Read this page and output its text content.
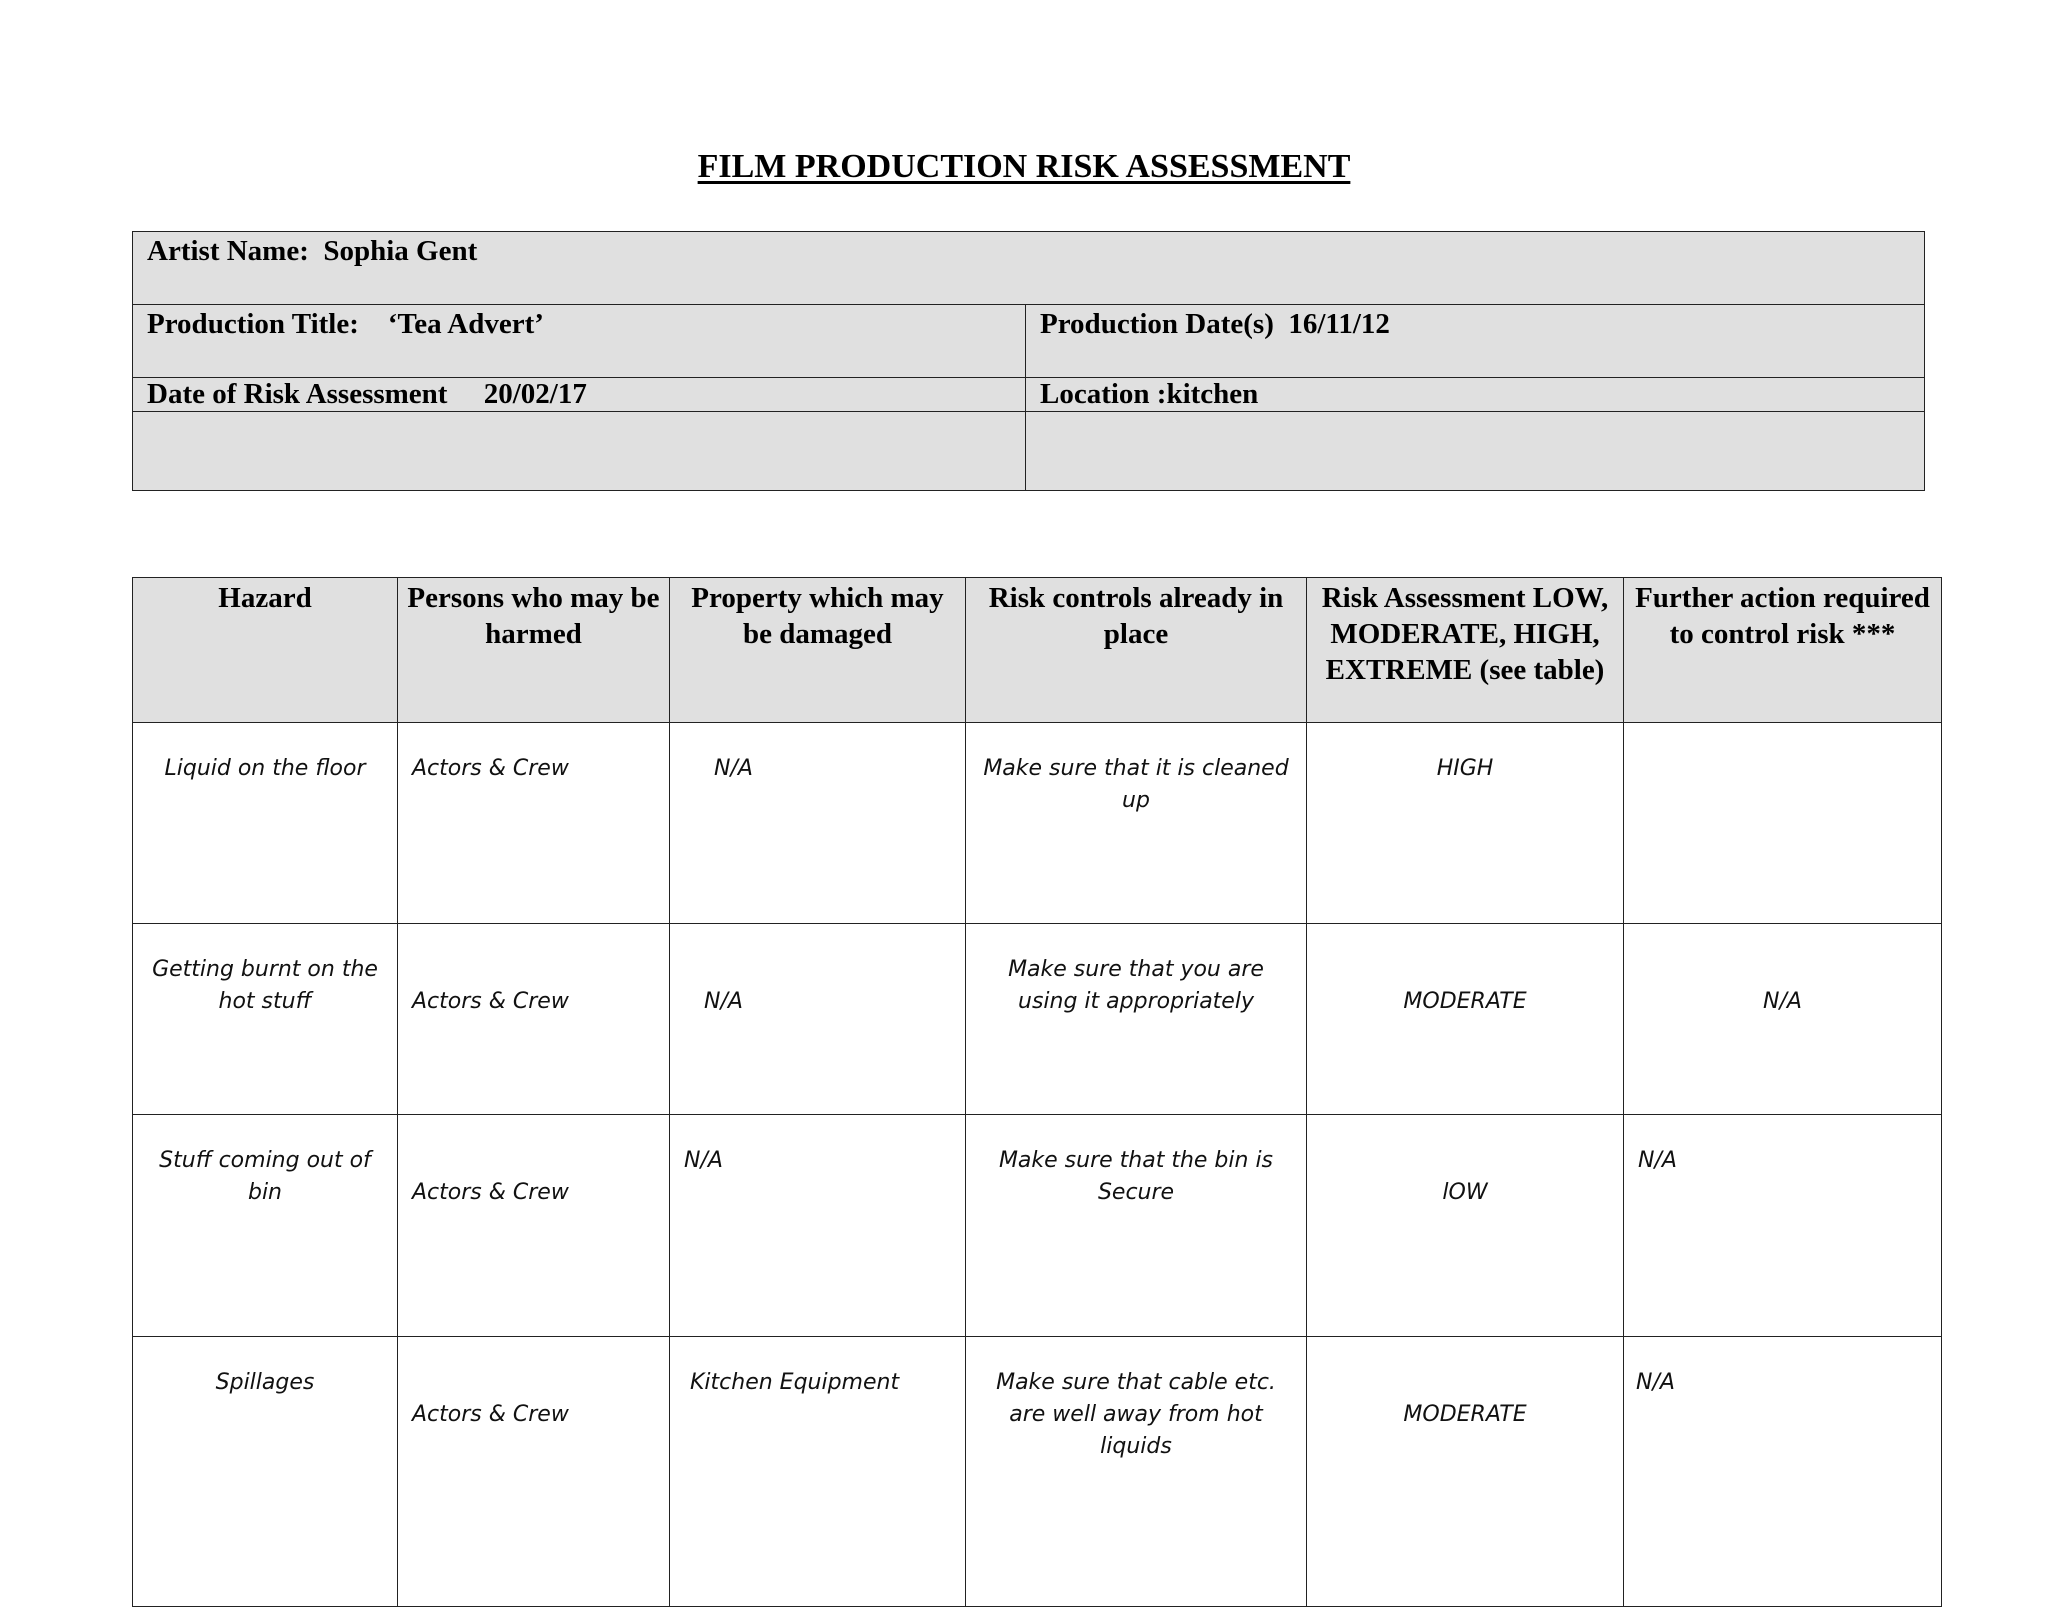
FILM PRODUCTION RISK ASSESSMENT
Artist Name: Sophia Gent	
Production Title: ‘Tea Advert’	Production Date(s) 16/11/12
Date of Risk Assessment 20/02/17	Location :kitchen

Hazard	Persons who may be harmed	Property which may be damaged	Risk controls already in place	Risk Assessment LOW, MODERATE, HIGH, EXTREME (see table)	Further action required to control risk ***
Liquid on the floor	Actors & Crew	N/A	Make sure that it is cleaned up	HIGH	
Getting burnt on the hot stuff	Actors & Crew	N/A	Make sure that you are using it appropriately	MODERATE	N/A
Stuff coming out of bin	Actors & Crew	N/A	Make sure that the bin is Secure	lOW	N/A
Spillages	Actors & Crew	Kitchen Equipment	Make sure that cable etc. are well away from hot liquids	MODERATE	N/A
